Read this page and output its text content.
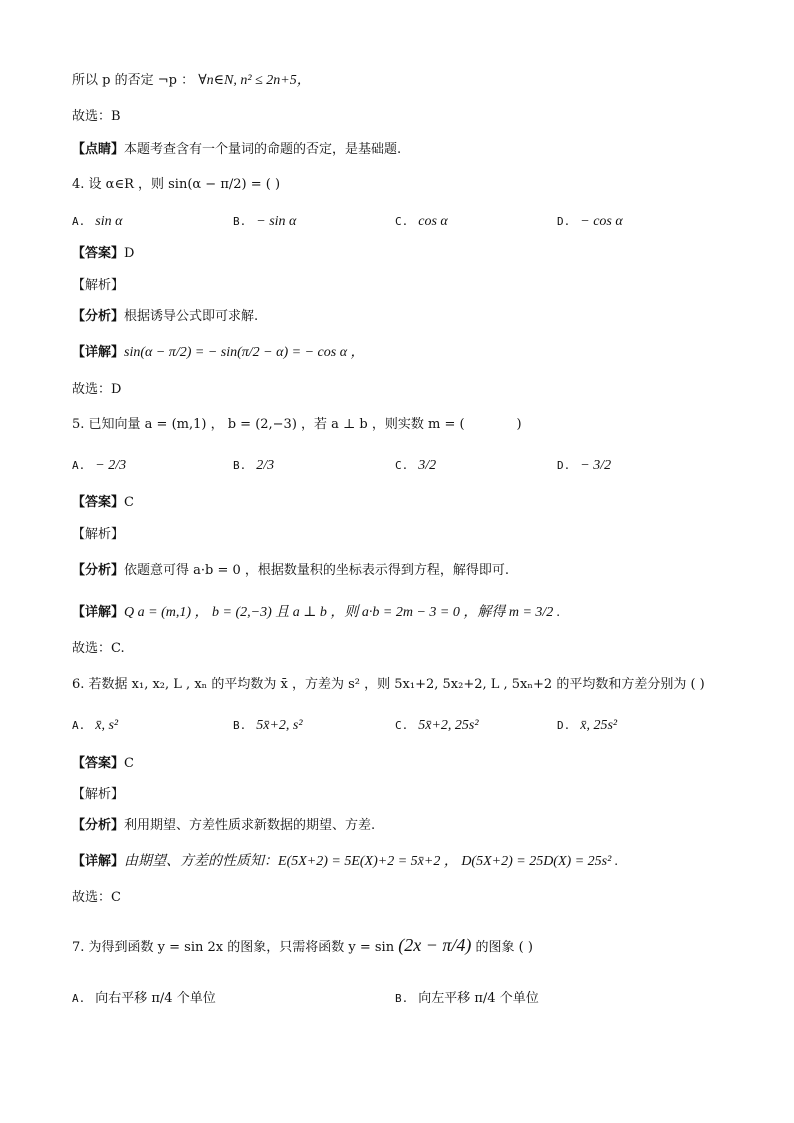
所以 p 的否定 ¬p ： ∀n∈N, n² ≤ 2n+5，
故选：B
【点睛】本题考查含有一个量词的命题的否定，是基础题.
4. 设 α∈R ，则 sin(α − π/2) = ( )
A. sin α	B. − sin α	C. cos α	D. − cos α
【答案】D
【解析】
【分析】根据诱导公式即可求解.
【详解】sin(α − π/2) = − sin(π/2 − α) = − cos α ，
故选：D
5. 已知向量 a = (m,1) ， b = (2,−3) ，若 a ⊥ b ，则实数 m = (　　　　)
A. − 2/3	B. 2/3	C. 3/2	D. − 3/2
【答案】C
【解析】
【分析】依题意可得 a·b = 0 ，根据数量积的坐标表示得到方程，解得即可.
【详解】Q a = (m,1) ， b = (2,−3) 且 a ⊥ b ，则 a·b = 2m − 3 = 0 ，解得 m = 3/2 .
故选：C.
6. 若数据 x₁, x₂, L , xₙ 的平均数为 x̄ ，方差为 s² ，则 5x₁+2, 5x₂+2, L , 5xₙ+2 的平均数和方差分别为 ( )
A. x̄, s²	B. 5x̄+2, s²	C. 5x̄+2, 25s²	D. x̄, 25s²
【答案】C
【解析】
【分析】利用期望、方差性质求新数据的期望、方差.
【详解】由期望、方差的性质知：E(5X+2) = 5E(X)+2 = 5x̄+2 ， D(5X+2) = 25D(X) = 25s² .
故选：C
7. 为得到函数 y = sin 2x 的图象，只需将函数 y = sin (2x − π/4) 的图象 ( )
A. 向右平移 π/4 个单位	B. 向左平移 π/4 个单位
